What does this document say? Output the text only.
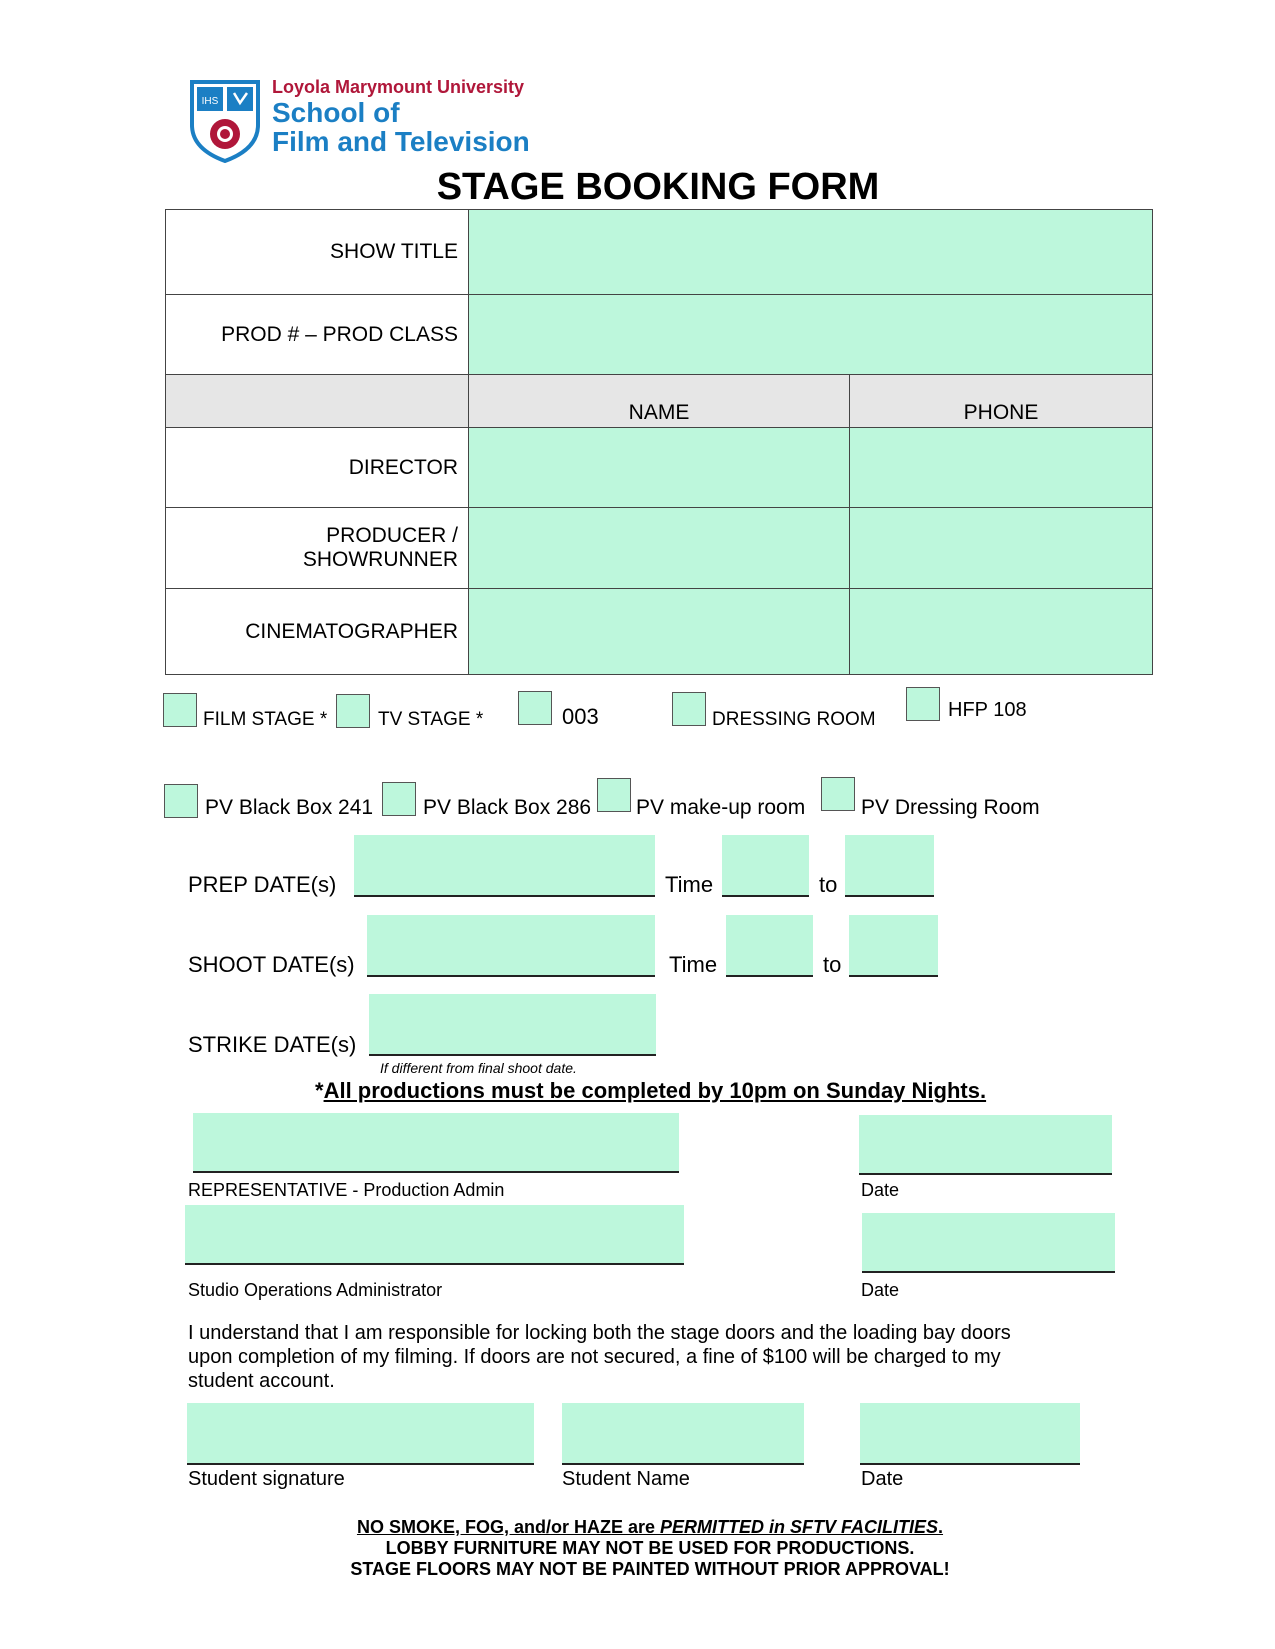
IHS
Loyola Marymount University
School of
Film and Television
STAGE BOOKING FORM
SHOW TITLE		
PROD # – PROD CLASS		
	NAME	PHONE
DIRECTOR		
PRODUCER / SHOWRUNNER		
CINEMATOGRAPHER		
FILM STAGE *	TV STAGE *	003	DRESSING ROOM	HFP 108
PV Black Box 241 PV Black Box 286 PV make-up room	PV Dressing Room
PREP DATE(s)	Time	to
SHOOT DATE(s)	Time	to
STRIKE DATE(s)
If different from final shoot date.
*All productions must be completed by 10pm on Sunday Nights.
REPRESENTATIVE - Production Admin	Date
Studio Operations Administrator	Date
I understand that I am responsible for locking both the stage doors and the loading bay doors
upon completion of my filming. If doors are not secured, a fine of $100 will be charged to my
student account.
Student signature	Student Name	Date
NO SMOKE, FOG, and/or HAZE are PERMITTED in SFTV FACILITIES.
LOBBY FURNITURE MAY NOT BE USED FOR PRODUCTIONS.
STAGE FLOORS MAY NOT BE PAINTED WITHOUT PRIOR APPROVAL!
